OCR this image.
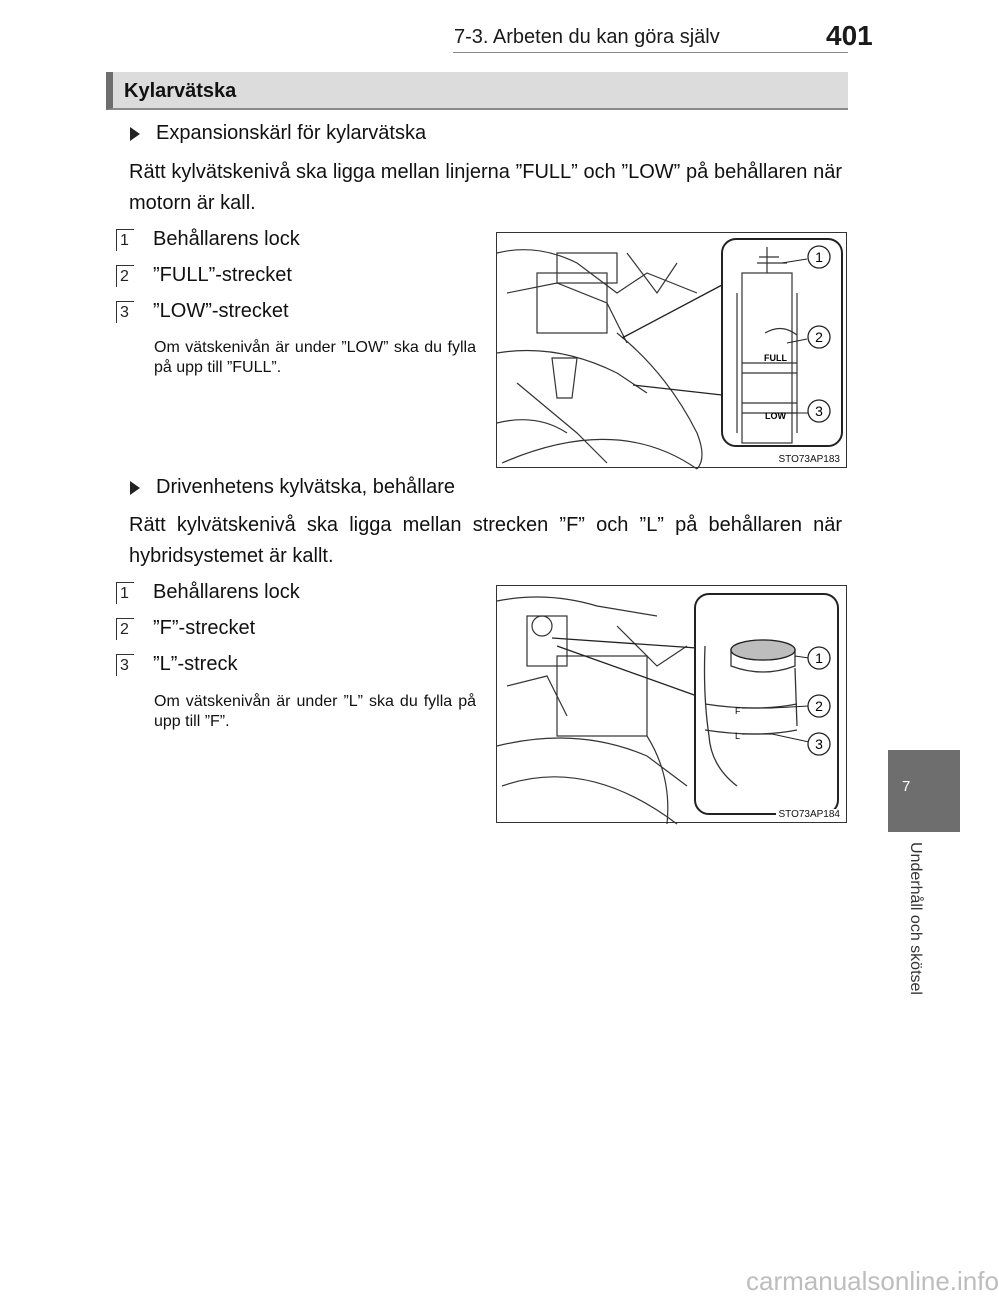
7-3. Arbeten du kan göra själv	401
Kylarvätska
Expansionskärl för kylarvätska

Rätt kylvätskenivå ska ligga mellan linjerna ”FULL” och ”LOW” på behållaren när motorn är kall.

1 Behållarens lock
2 ”FULL”-strecket
3 ”LOW”-strecket

Om vätskenivån är under ”LOW” ska du fylla på upp till ”FULL”.

FULL
LOW
1
2
3
STO73AP183
Drivenhetens kylvätska, behållare

Rätt kylvätskenivå ska ligga mellan strecken ”F” och ”L” på behållaren när hybridsystemet är kallt.

1 Behållarens lock
2 ”F”-strecket
3 ”L”-streck

Om vätskenivån är under ”L” ska du fylla på upp till ”F”.

F
L
1
2
3
STO73AP184
7
Underhåll och skötsel
carmanualsonline.info
